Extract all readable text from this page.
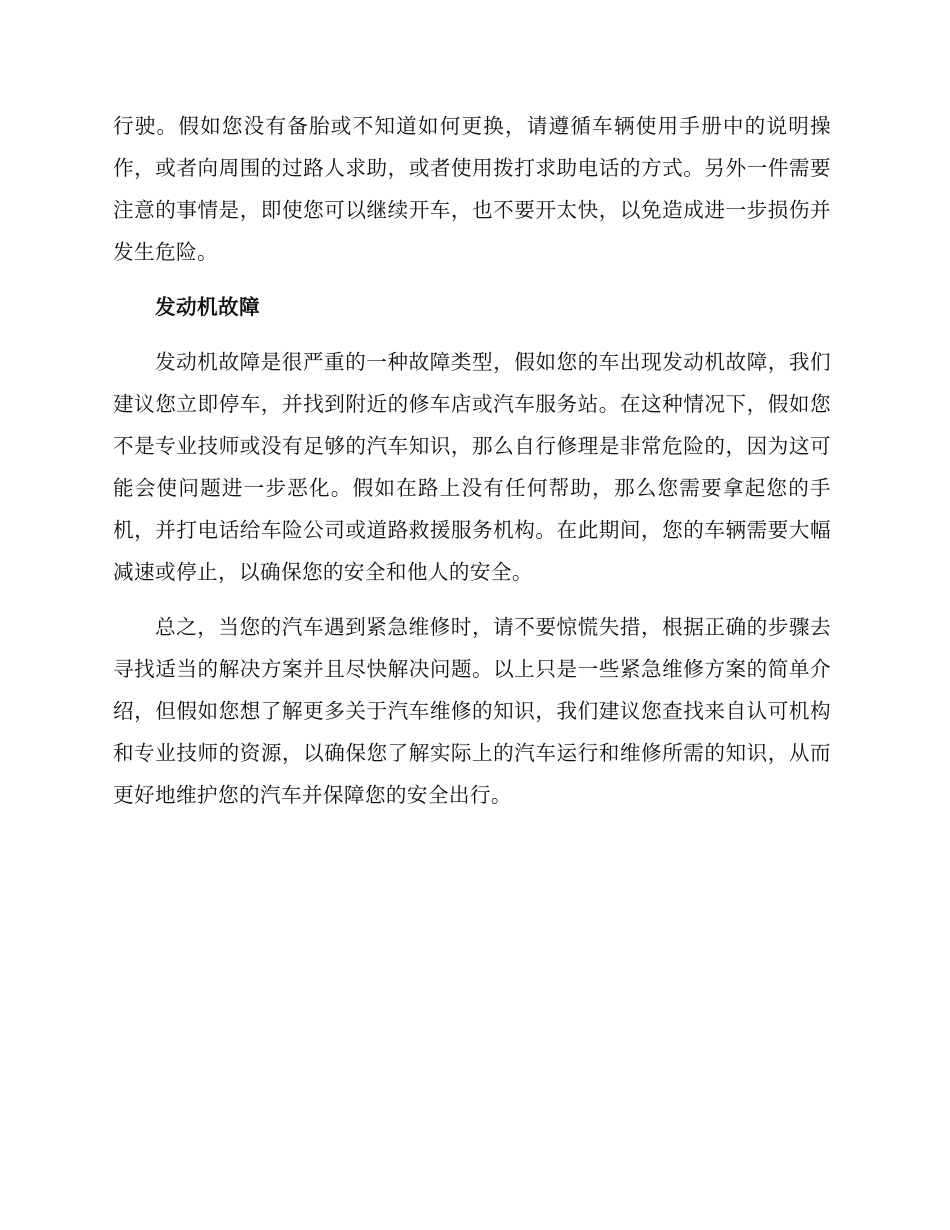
行驶。假如您没有备胎或不知道如何更换，请遵循车辆使用手册中的说明操作，或者向周围的过路人求助，或者使用拨打求助电话的方式。另外一件需要注意的事情是，即使您可以继续开车，也不要开太快，以免造成进一步损伤并发生危险。

发动机故障

发动机故障是很严重的一种故障类型，假如您的车出现发动机故障，我们建议您立即停车，并找到附近的修车店或汽车服务站。在这种情况下，假如您不是专业技师或没有足够的汽车知识，那么自行修理是非常危险的，因为这可能会使问题进一步恶化。假如在路上没有任何帮助，那么您需要拿起您的手机，并打电话给车险公司或道路救援服务机构。在此期间，您的车辆需要大幅减速或停止，以确保您的安全和他人的安全。

总之，当您的汽车遇到紧急维修时，请不要惊慌失措，根据正确的步骤去寻找适当的解决方案并且尽快解决问题。以上只是一些紧急维修方案的简单介绍，但假如您想了解更多关于汽车维修的知识，我们建议您查找来自认可机构和专业技师的资源，以确保您了解实际上的汽车运行和维修所需的知识，从而更好地维护您的汽车并保障您的安全出行。
